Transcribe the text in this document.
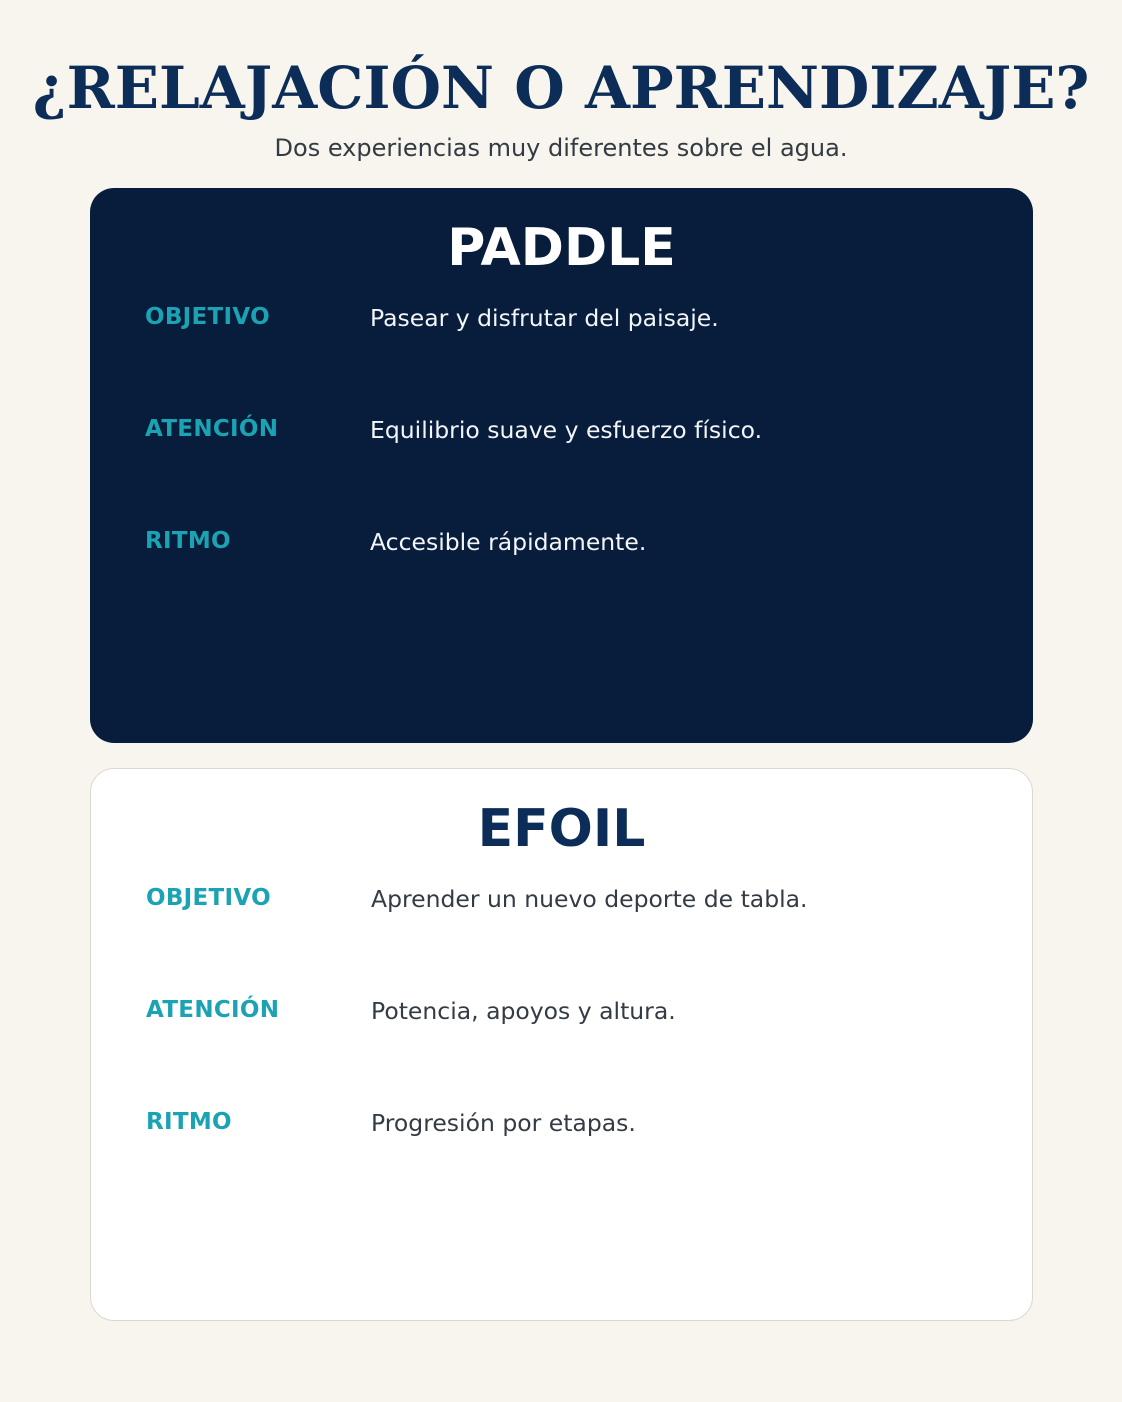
¿RELAJACIÓN O APRENDIZAJE?

Dos experiencias muy diferentes sobre el agua.

PADDLE
OBJETIVO	Pasear y disfrutar del paisaje.
ATENCIÓN	Equilibrio suave y esfuerzo físico.
RITMO	Accesible rápidamente.
EFOIL
OBJETIVO	Aprender un nuevo deporte de tabla.
ATENCIÓN	Potencia, apoyos y altura.
RITMO	Progresión por etapas.
